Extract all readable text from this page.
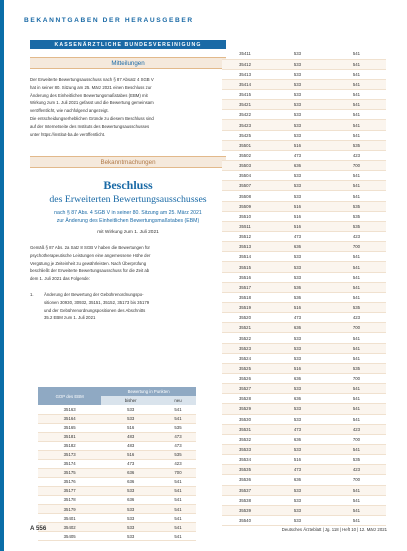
BEKANNTGABEN DER HERAUSGEBER
KASSENÄRZTLICHE BUNDESVEREINIGUNG
Mitteilungen
Der Erweiterte Bewertungsausschuss nach § 87 Absatz 4 SGB V
hat in seiner 80. Sitzung am 25. März 2021 einen Beschluss zur
Änderung des Einheitlichen Bewertungsmaßstabes (EBM) mit
Wirkung zum 1. Juli 2021 gefasst und die Bewertung gemeinsam
veröffentlicht, wie nachfolgend angezeigt.
Die entscheidungserheblichen Gründe zu diesem Beschluss sind
auf der Internetseite des Instituts des Bewertungsausschusses
unter https://institut-ba.de veröffentlicht.
Bekanntmachungen
Beschluss
des Erweiterten Bewertungsausschusses
nach § 87 Abs. 4 SGB V in seiner 80. Sitzung am 25. März 2021
zur Änderung des Einheitlichen Bewertungsmaßstabes (EBM)
mit Wirkung zum 1. Juli 2021
Gemäß § 87 Abs. 2a Satz 8 SGB V haben die Bewertungen für
psychotherapeutische Leistungen eine angemessene Höhe der
Vergütung je Zeiteinheit zu gewährleisten. Nach Überprüfung
beschließt der Erweiterte Bewertungsausschuss für die Zeit ab
dem 1. Juli 2021 das Folgende:
1.	Änderung der Bewertung der Gebührenordnungspo-
sitionen 30930, 30932, 35151, 35152, 35173 bis 35179
und der Gebührenordnungspositionen des Abschnitts
35.2 EBM zum 1. Juli 2021
GOP des EBM	Bewertung in Punkten	
	bisher	neu
35163	533	541
35164	533	541
35165	516	535
35181	483	473
35182	483	473
35173	516	535
35174	473	423
35175	636	700
35176	636	541
35177	533	541
35178	636	541
35179	533	541
35401	533	541
35402	533	541
35405	533	541
35411	533	541
35412	533	541
35413	533	541
35414	533	541
35415	533	541
35421	533	541
35422	533	541
35423	533	541
35425	533	541
35501	516	535
35502	473	423
35503	636	700
35504	533	541
35507	533	541
35508	533	541
35509	516	535
35510	516	535
35511	516	535
35512	473	423
35513	636	700
35514	533	541
35515	533	541
35516	533	541
35517	536	541
35518	536	541
35519	516	535
35520	473	423
35521	636	700
35522	533	541
35523	533	541
35524	533	541
35525	516	535
35526	636	700
35527	533	541
35528	636	541
35529	533	541
35530	533	541
35531	473	423
35532	636	700
35533	533	541
35534	516	535
35535	473	423
35536	636	700
35537	533	541
35538	533	541
35539	533	541
35540	533	541
A 556	Deutsches Ärzteblatt | Jg. 118 | Heft 10 | 12. März 2021
